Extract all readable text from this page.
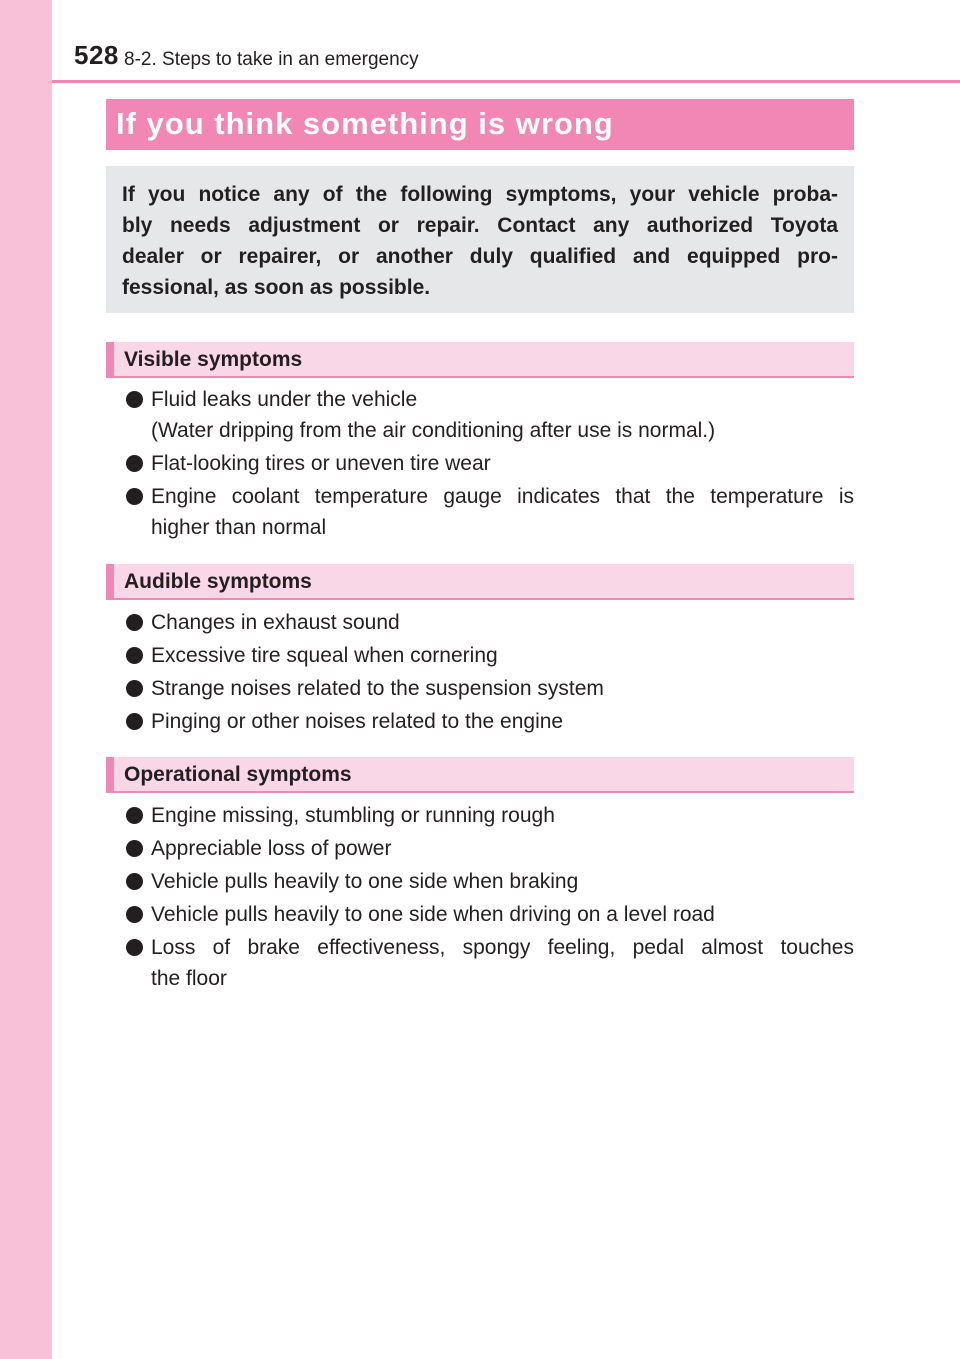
528 8-2. Steps to take in an emergency
If you think something is wrong
If you notice any of the following symptoms, your vehicle proba-
bly needs adjustment or repair. Contact any authorized Toyota
dealer or repairer, or another duly qualified and equipped pro-
fessional, as soon as possible.
Visible symptoms
Fluid leaks under the vehicle
(Water dripping from the air conditioning after use is normal.)
Flat-looking tires or uneven tire wear
Engine coolant temperature gauge indicates that the temperature is
higher than normal
Audible symptoms
Changes in exhaust sound
Excessive tire squeal when cornering
Strange noises related to the suspension system
Pinging or other noises related to the engine
Operational symptoms
Engine missing, stumbling or running rough
Appreciable loss of power
Vehicle pulls heavily to one side when braking
Vehicle pulls heavily to one side when driving on a level road
Loss of brake effectiveness, spongy feeling, pedal almost touches
the floor
